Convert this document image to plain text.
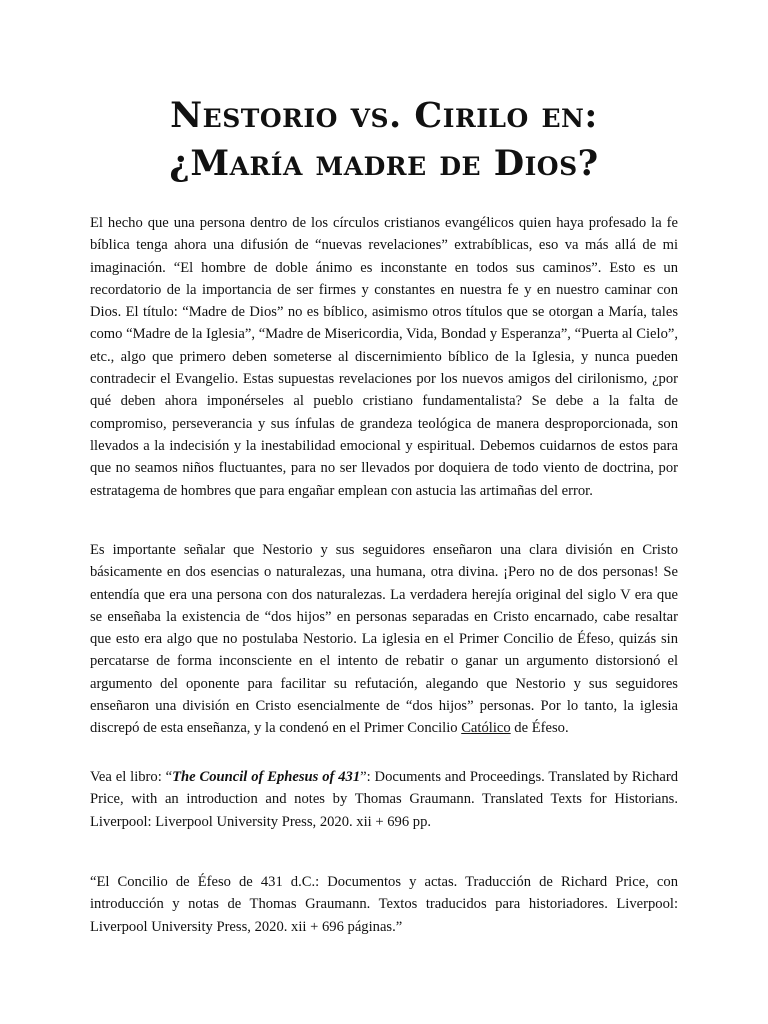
Nestorio vs. Cirilo en:
¿María madre de Dios?

El hecho que una persona dentro de los círculos cristianos evangélicos quien haya profesado la fe bíblica tenga ahora una difusión de “nuevas revelaciones” extrabíblicas, eso va más allá de mi imaginación. “El hombre de doble ánimo es inconstante en todos sus caminos”. Esto es un recordatorio de la importancia de ser firmes y constantes en nuestra fe y en nuestro caminar con Dios. El título: “Madre de Dios” no es bíblico, asimismo otros títulos que se otorgan a María, tales como “Madre de la Iglesia”, “Madre de Misericordia, Vida, Bondad y Esperanza”, “Puerta al Cielo”, etc., algo que primero deben someterse al discernimiento bíblico de la Iglesia, y nunca pueden contradecir el Evangelio. Estas supuestas revelaciones por los nuevos amigos del cirilonismo, ¿por qué deben ahora imponérseles al pueblo cristiano fundamentalista? Se debe a la falta de compromiso, perseverancia y sus ínfulas de grandeza teológica de manera desproporcionada, son llevados a la indecisión y la inestabilidad emocional y espiritual. Debemos cuidarnos de estos para que no seamos niños fluctuantes, para no ser llevados por doquiera de todo viento de doctrina, por estratagema de hombres que para engañar emplean con astucia las artimañas del error.

Es importante señalar que Nestorio y sus seguidores enseñaron una clara división en Cristo básicamente en dos esencias o naturalezas, una humana, otra divina. ¡Pero no de dos personas! Se entendía que era una persona con dos naturalezas. La verdadera herejía original del siglo V era que se enseñaba la existencia de “dos hijos” en personas separadas en Cristo encarnado, cabe resaltar que esto era algo que no postulaba Nestorio. La iglesia en el Primer Concilio de Éfeso, quizás sin percatarse de forma inconsciente en el intento de rebatir o ganar un argumento distorsionó el argumento del oponente para facilitar su refutación, alegando que Nestorio y sus seguidores enseñaron una división en Cristo esencialmente de “dos hijos” personas. Por lo tanto, la iglesia discrepó de esta enseñanza, y la condenó en el Primer Concilio Católico de Éfeso.

Vea el libro: “The Council of Ephesus of 431”: Documents and Proceedings. Translated by Richard Price, with an introduction and notes by Thomas Graumann. Translated Texts for Historians. Liverpool: Liverpool University Press, 2020. xii + 696 pp.

“El Concilio de Éfeso de 431 d.C.: Documentos y actas. Traducción de Richard Price, con introducción y notas de Thomas Graumann. Textos traducidos para historiadores. Liverpool: Liverpool University Press, 2020. xii + 696 páginas.”
